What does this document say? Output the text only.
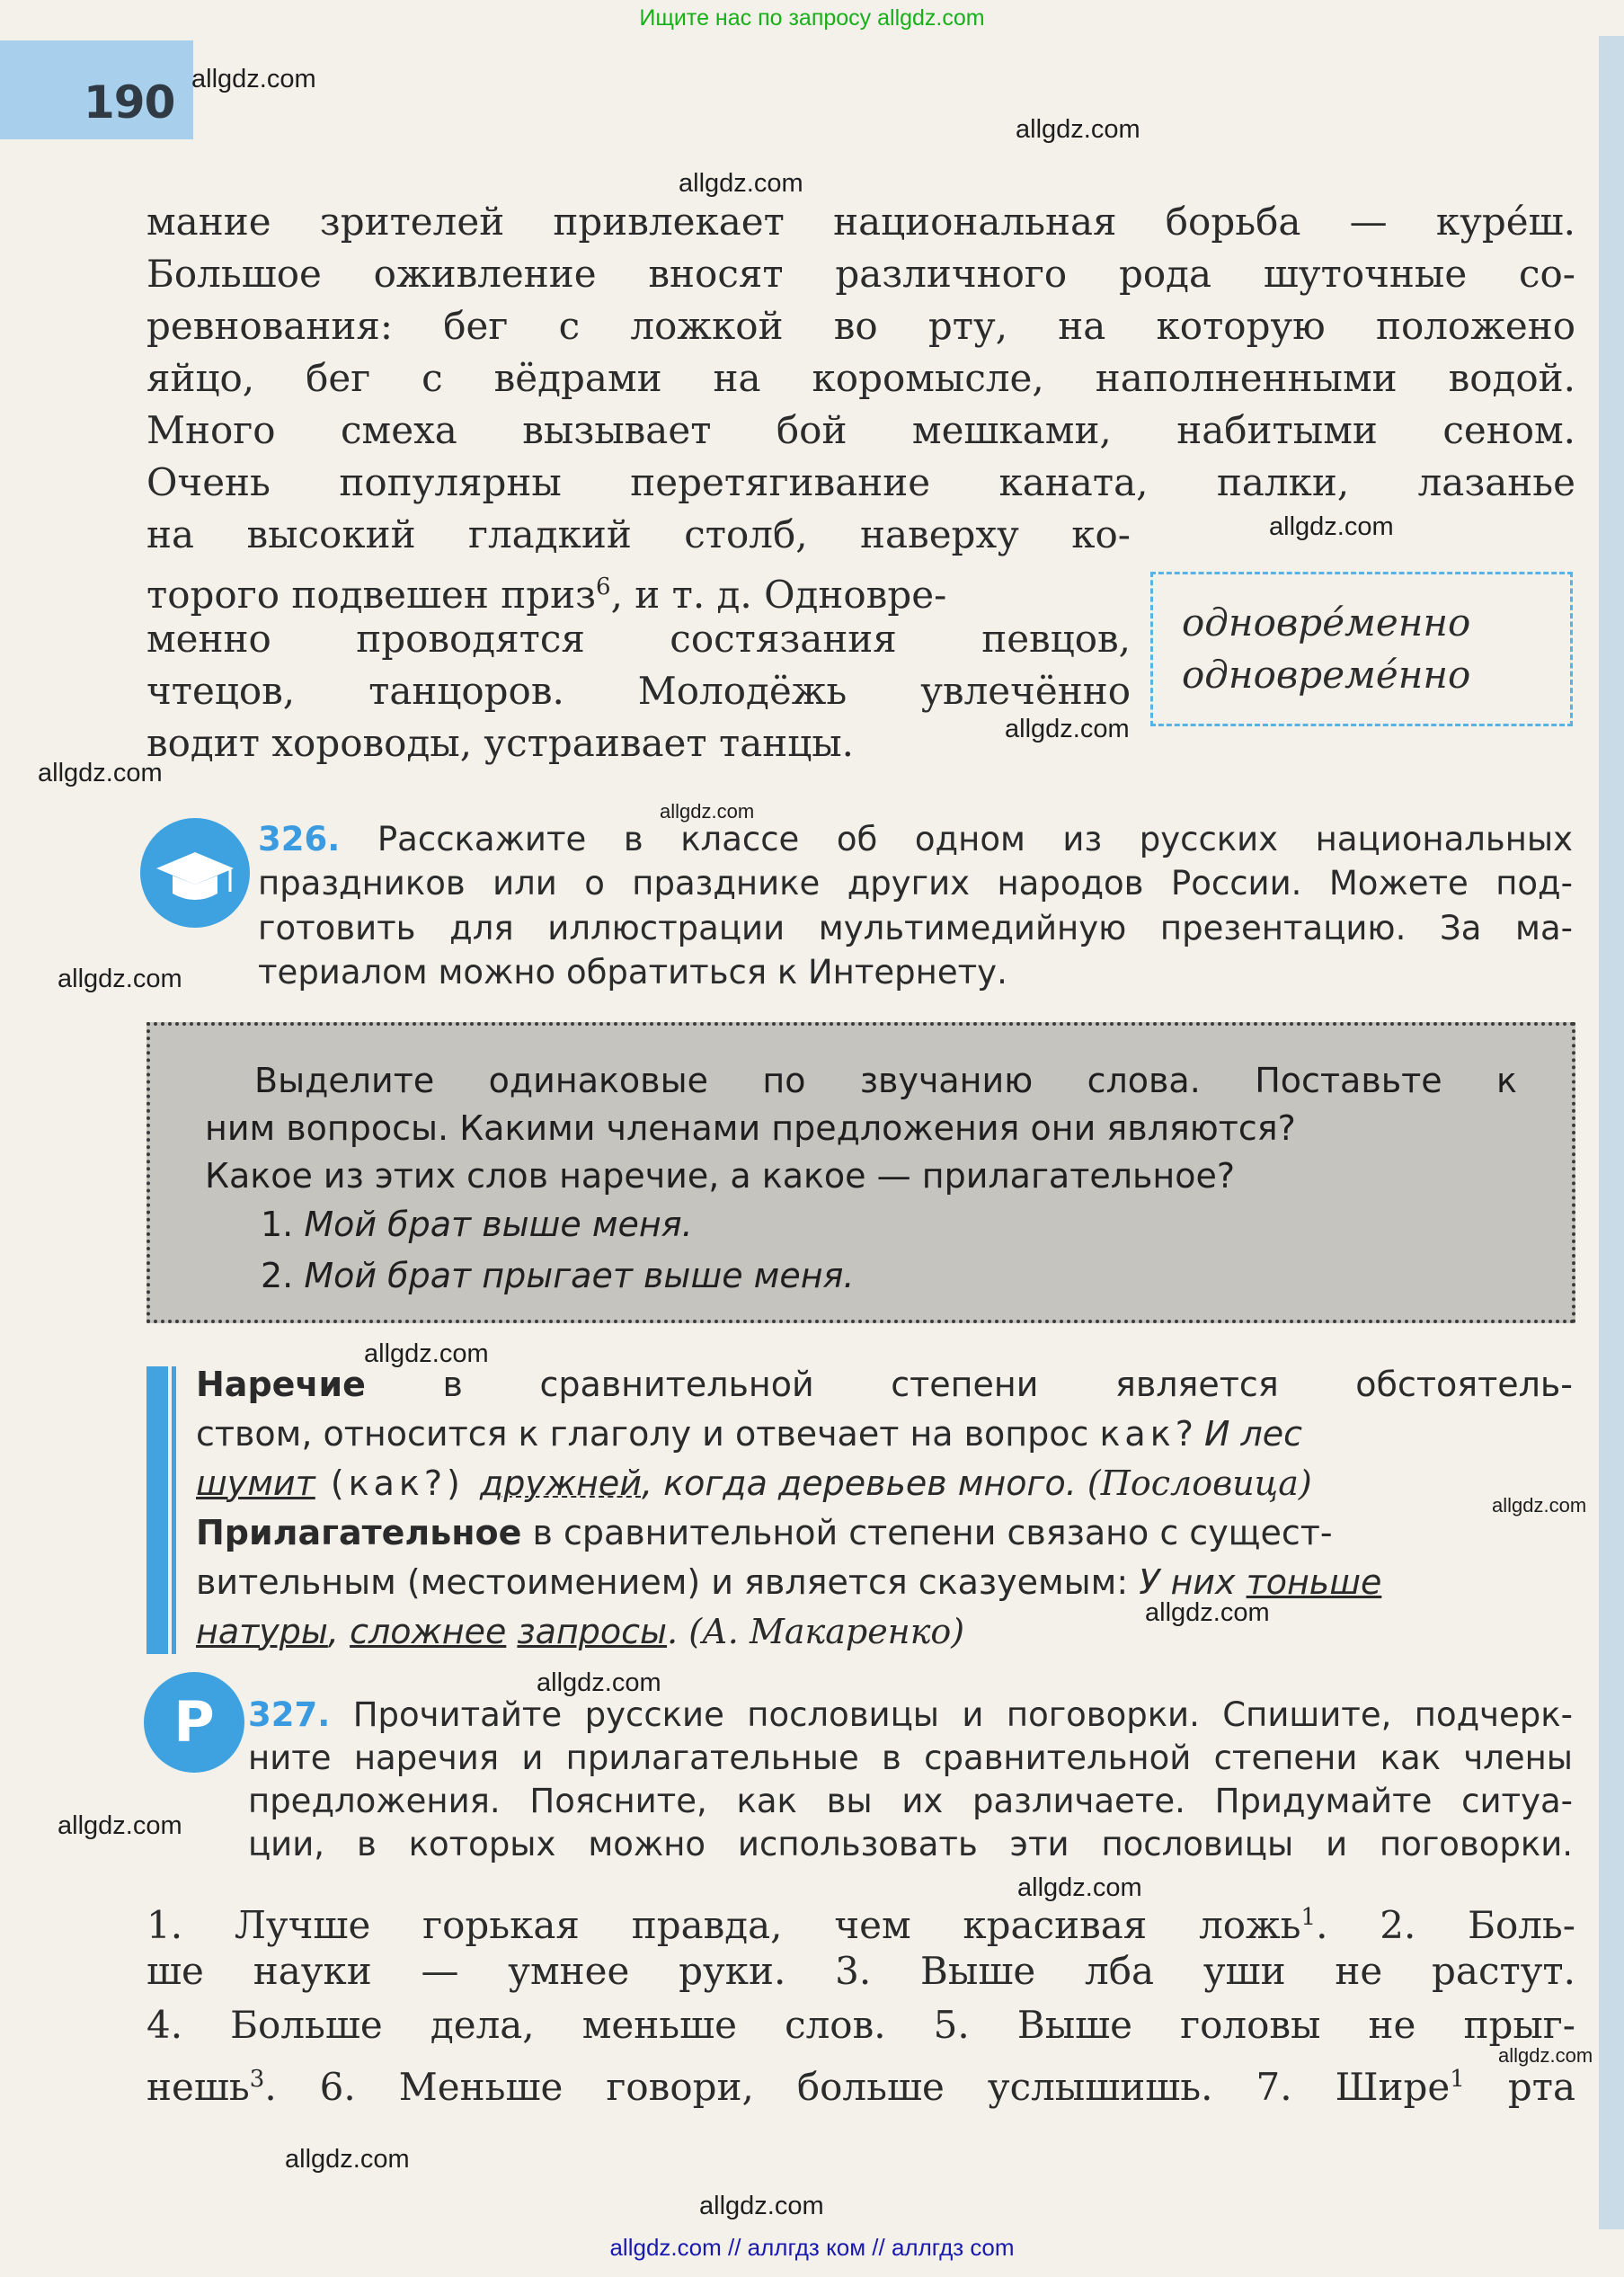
Ищите нас по запросу allgdz.com
190 allgdz.com
allgdz.com
allgdz.com
allgdz.com
allgdz.com
allgdz.com
allgdz.com
allgdz.com
allgdz.com
allgdz.com
allgdz.com
allgdz.com
allgdz.com
allgdz.com
allgdz.com
allgdz.com
allgdz.com
мание зрителей привлекает национальная борьба — куре́ш.
Большое оживление вносят различного рода шуточные со-
ревнования: бег с ложкой во рту, на которую положено
яйцо, бег с вёдрами на коромысле, наполненными водой.
Много смеха вызывает бой мешками, набитыми сеном.
Очень популярны перетягивание каната, палки, лазанье
на высокий гладкий столб, наверху ко-
торого подвешен приз$^6$, и т. д. Одновре-
менно проводятся состязания певцов,
чтецов, танцоров. Молодёжь увлечённо
водит хороводы, устраивает танцы.
одновре́менно
одновреме́нно
326. Расскажите в классе об одном из русских национальных
праздников или о празднике других народов России. Можете под-
готовить для иллюстрации мультимедийную презентацию. За ма-
териалом можно обратиться к Интернету.
Выделите одинаковые по звучанию слова. Поставьте к
ним вопросы. Какими членами предложения они являются?
Какое из этих слов наречие, а какое — прилагательное?
1. Мой брат выше меня.
2. Мой брат прыгает выше меня.
Наречие в сравнительной степени является обстоятель-
ством, относится к глаголу и отвечает на вопрос как? И лес
шумит (как?) дружней, когда деревьев много. (Пословица)
Прилагательное в сравнительной степени связано с сущест-
вительным (местоимением) и является сказуемым: У них тоньше
натуры, сложнее запросы. (А. Макаренко)
Р	327. Прочитайте русские пословицы и поговорки. Спишите, подчерк-
ните наречия и прилагательные в сравнительной степени как члены
предложения. Поясните, как вы их различаете. Придумайте ситуа-
ции, в которых можно использовать эти пословицы и поговорки.
1. Лучше горькая правда, чем красивая ложь$^1$. 2. Боль-
ше науки — умнее руки. 3. Выше лба уши не растут.
4. Больше дела, меньше слов. 5. Выше головы не прыг-
нешь$^3$. 6. Меньше говори, больше услышишь. 7. Шире$^1$ рта
allgdz.com // аллгдз ком // аллгдз com
